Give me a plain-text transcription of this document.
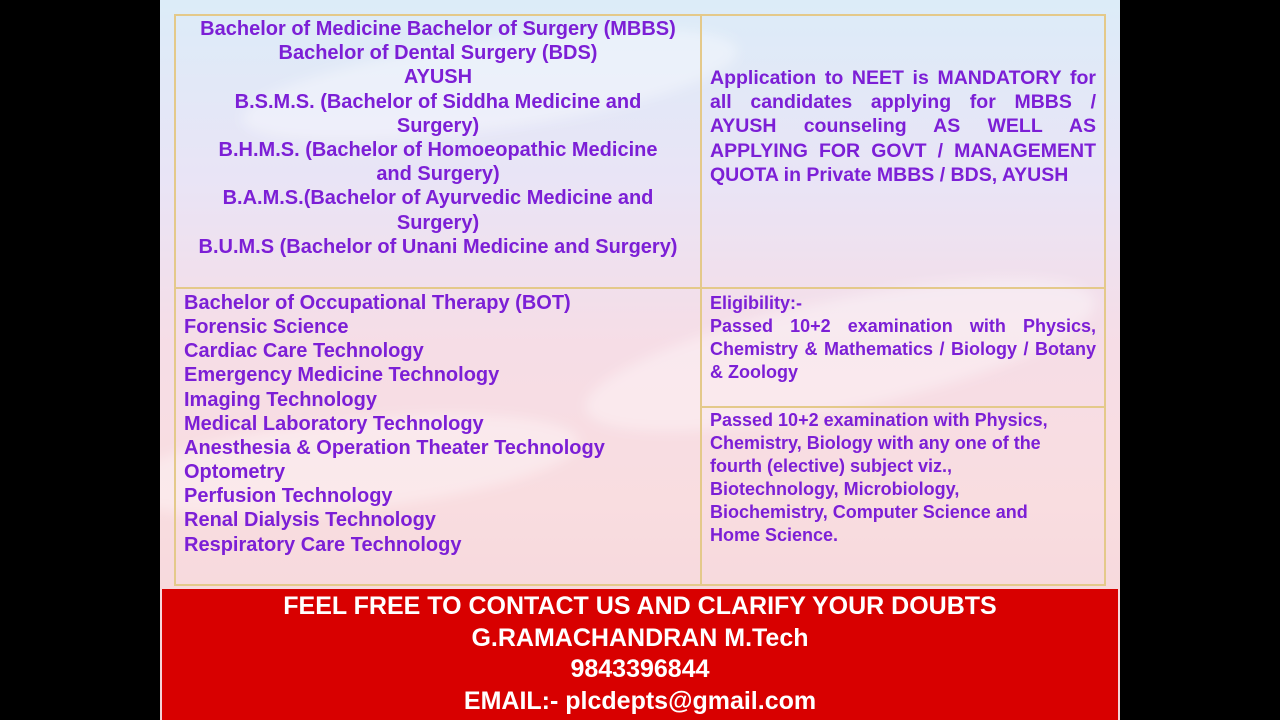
Bachelor of Medicine Bachelor of Surgery (MBBS)
Bachelor of Dental Surgery (BDS)
AYUSH
B.S.M.S. (Bachelor of Siddha Medicine and
Surgery)
B.H.M.S. (Bachelor of Homoeopathic Medicine
and Surgery)
B.A.M.S.(Bachelor of Ayurvedic Medicine and
Surgery)
B.U.M.S (Bachelor of Unani Medicine and Surgery)
Application to NEET is MANDATORY for all candidates applying for MBBS / AYUSH counseling AS WELL AS APPLYING FOR GOVT / MANAGEMENT QUOTA in Private MBBS / BDS, AYUSH
Bachelor of Occupational Therapy (BOT)
Forensic Science
Cardiac Care Technology
Emergency Medicine Technology
Imaging Technology
Medical Laboratory Technology
Anesthesia & Operation Theater Technology
Optometry
Perfusion Technology
Renal Dialysis Technology
Respiratory Care Technology
Eligibility:-
Passed 10+2 examination with Physics, Chemistry & Mathematics / Biology / Botany & Zoology
Passed 10+2 examination with Physics,
Chemistry, Biology with any one of the
fourth (elective) subject viz.,
Biotechnology, Microbiology,
Biochemistry, Computer Science and
Home Science.
FEEL FREE TO CONTACT US AND CLARIFY YOUR DOUBTS
G.RAMACHANDRAN M.Tech
9843396844
EMAIL:- plcdepts@gmail.com
